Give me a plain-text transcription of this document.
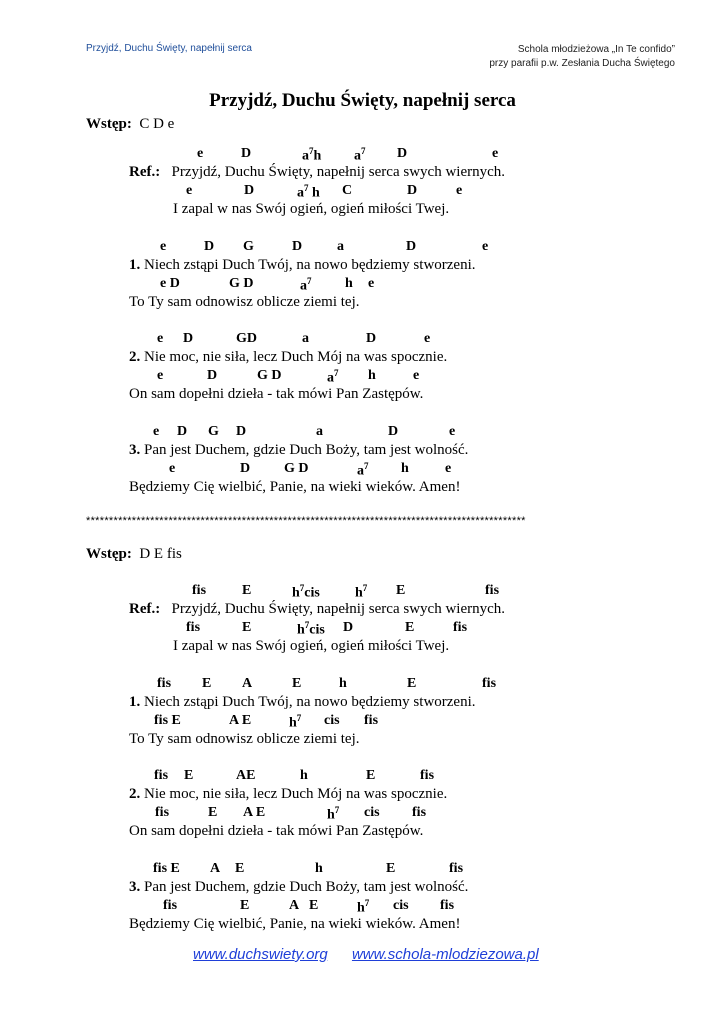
Przyjdź, Duchu Święty, napełnij serca	Schola młodzieżowa „In Te confido”
przy parafii p.w. Zesłania Ducha Świętego
Przyjdź, Duchu Święty, napełnij serca
Wstęp: C D e
e	D	$a^7h$ $a^7$ D	e
Ref.: Przyjdź, Duchu Święty, napełnij serca swych wiernych.
e	D	$a^7$ h C	D	e
I zapal w nas Swój ogień, ogień miłości Twej.
e	D G	D a	D	e
1. Niech zstąpi Duch Twój, na nowo będziemy stworzeni.
e D	G D	$a^7$ h e
To Ty sam odnowisz oblicze ziemi tej.
e D	GD	a	D	e
2. Nie moc, nie siła, lecz Duch Mój na was spocznie.
e	D	G D	$a^7$ h	e
On sam dopełni dzieła - tak mówi Pan Zastępów.
e D G D	a	D	e
3. Pan jest Duchem, gdzie Duch Boży, tam jest wolność.
e	D G D	$a^7$ h	e
Będziemy Cię wielbić, Panie, na wieki wieków. Amen!
************************************************************************************************
Wstęp: D E fis
fis	E	$h^7cis$	$h^7$ E	fis
Ref.: Przyjdź, Duchu Święty, napełnij serca swych wiernych.
fis	E	$h^7cis$ D	E	fis
I zapal w nas Swój ogień, ogień miłości Twej.
fis E A	E	h	E	fis
1. Niech zstąpi Duch Twój, na nowo będziemy stworzeni.
fis E	A E	$h^7$ cis fis
To Ty sam odnowisz oblicze ziemi tej.
fis E	AE	h	E	fis
2. Nie moc, nie siła, lecz Duch Mój na was spocznie.
fis	E A E	$h^7$ cis fis
On sam dopełni dzieła - tak mówi Pan Zastępów.
fis E A E	h	E	fis
3. Pan jest Duchem, gdzie Duch Boży, tam jest wolność.
fis	E	A E	$h^7$ cis fis
Będziemy Cię wielbić, Panie, na wieki wieków. Amen!
www.duchswiety.org www.schola-mlodziezowa.pl
